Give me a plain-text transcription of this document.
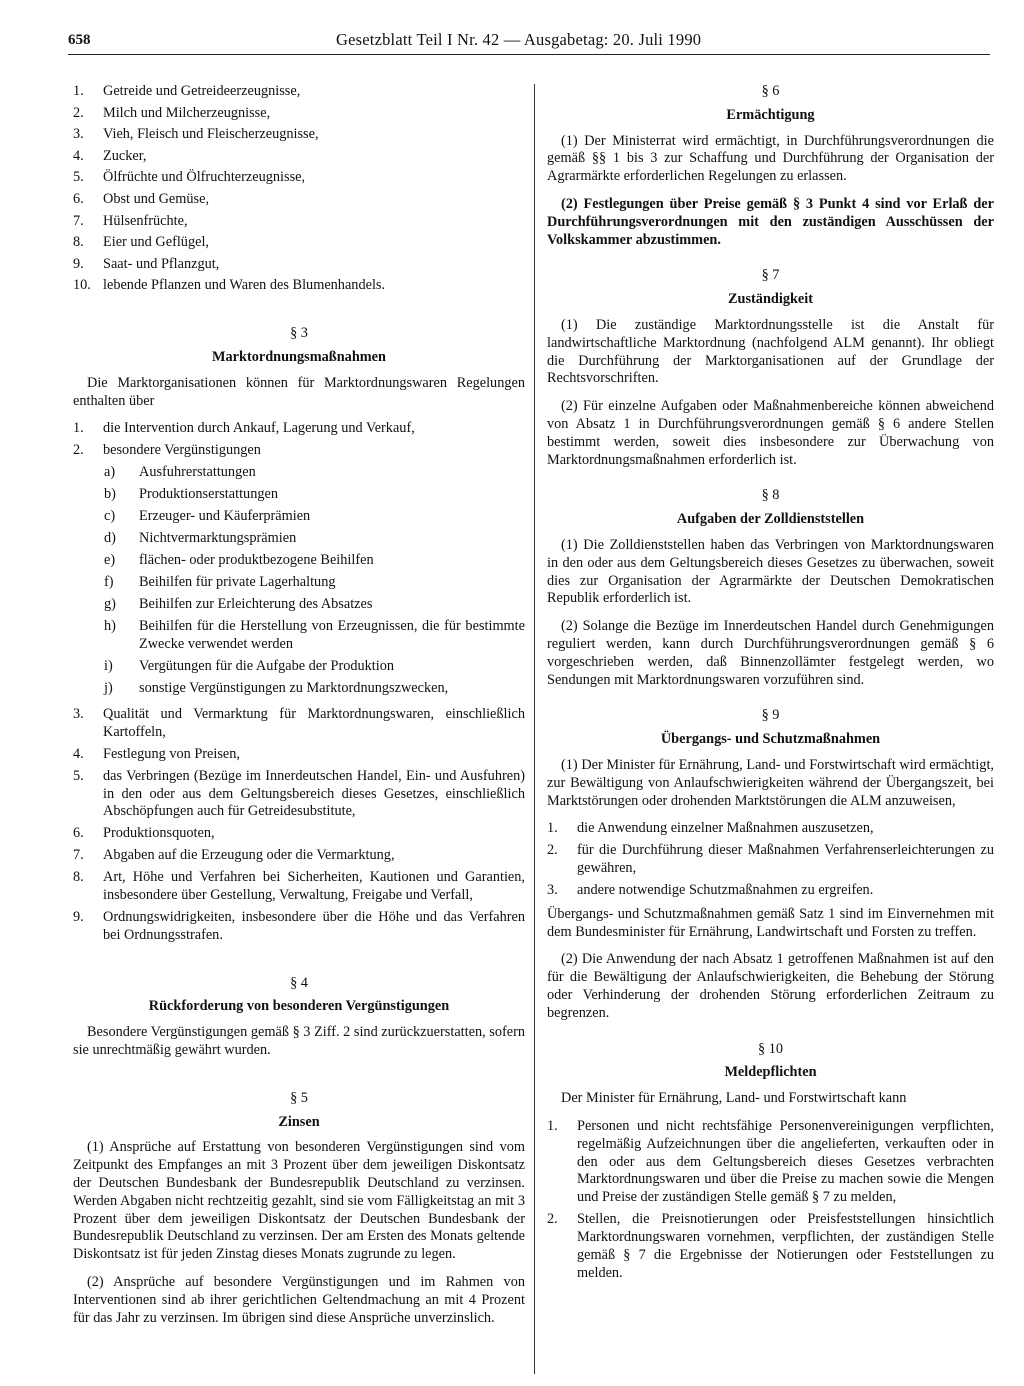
658	Gesetzblatt Teil I Nr. 42 — Ausgabetag: 20. Juli 1990
1.	Getreide und Getreideerzeugnisse,
2.	Milch und Milcherzeugnisse,
3.	Vieh, Fleisch und Fleischerzeugnisse,
4.	Zucker,
5.	Ölfrüchte und Ölfruchterzeugnisse,
6.	Obst und Gemüse,
7.	Hülsenfrüchte,
8.	Eier und Geflügel,
9.	Saat- und Pflanzgut,
10. lebende Pflanzen und Waren des Blumenhandels.
§ 3
Marktordnungsmaßnahmen

Die Marktorganisationen können für Marktordnungswaren Regelungen enthalten über

1.	die Intervention durch Ankauf, Lagerung und Verkauf,
2.	besondere Vergünstigungen
a)	Ausfuhrerstattungen
b)	Produktionserstattungen
c)	Erzeuger- und Käuferprämien
d)	Nichtvermarktungsprämien
e)	flächen- oder produktbezogene Beihilfen
f)	Beihilfen für private Lagerhaltung
g)	Beihilfen zur Erleichterung des Absatzes
h)	Beihilfen für die Herstellung von Erzeugnissen, die für bestimmte Zwecke verwendet werden
i)	Vergütungen für die Aufgabe der Produktion
j)	sonstige Vergünstigungen zu Marktordnungszwecken,
3.	Qualität und Vermarktung für Marktordnungswaren, einschließlich Kartoffeln,
4.	Festlegung von Preisen,
5.	das Verbringen (Bezüge im Innerdeutschen Handel, Ein- und Ausfuhren) in den oder aus dem Geltungsbereich dieses Gesetzes, einschließlich Abschöpfungen auch für Getreidesubstitute,
6.	Produktionsquoten,
7.	Abgaben auf die Erzeugung oder die Vermarktung,
8.	Art, Höhe und Verfahren bei Sicherheiten, Kautionen und Garantien, insbesondere über Gestellung, Verwaltung, Freigabe und Verfall,
9.	Ordnungswidrigkeiten, insbesondere über die Höhe und das Verfahren bei Ordnungsstrafen.
§ 4
Rückforderung von besonderen Vergünstigungen

Besondere Vergünstigungen gemäß § 3 Ziff. 2 sind zurückzuerstatten, sofern sie unrechtmäßig gewährt wurden.

§ 5
Zinsen

(1) Ansprüche auf Erstattung von besonderen Vergünstigungen sind vom Zeitpunkt des Empfanges an mit 3 Prozent über dem jeweiligen Diskontsatz der Deutschen Bundesbank der Bundesrepublik Deutschland zu verzinsen. Werden Abgaben nicht rechtzeitig gezahlt, sind sie vom Fälligkeitstag an mit 3 Prozent über dem jeweiligen Diskontsatz der Deutschen Bundesbank der Bundesrepublik Deutschland zu verzinsen. Der am Ersten des Monats geltende Diskontsatz ist für jeden Zinstag dieses Monats zugrunde zu legen.

(2) Ansprüche auf besondere Vergünstigungen und im Rahmen von Interventionen sind ab ihrer gerichtlichen Geltendmachung an mit 4 Prozent für das Jahr zu verzinsen. Im übrigen sind diese Ansprüche unverzinslich.

§ 6
Ermächtigung

(1) Der Ministerrat wird ermächtigt, in Durchführungsverordnungen die gemäß §§ 1 bis 3 zur Schaffung und Durchführung der Organisation der Agrarmärkte erforderlichen Regelungen zu erlassen.

(2) Festlegungen über Preise gemäß § 3 Punkt 4 sind vor Erlaß der Durchführungsverordnungen mit den zuständigen Ausschüssen der Volkskammer abzustimmen.

§ 7
Zuständigkeit

(1) Die zuständige Marktordnungsstelle ist die Anstalt für landwirtschaftliche Marktordnung (nachfolgend ALM genannt). Ihr obliegt die Durchführung der Marktorganisationen auf der Grundlage der Rechtsvorschriften.

(2) Für einzelne Aufgaben oder Maßnahmenbereiche können abweichend von Absatz 1 in Durchführungsverordnungen gemäß § 6 andere Stellen bestimmt werden, soweit dies insbesondere zur Überwachung von Marktordnungsmaßnahmen erforderlich ist.

§ 8
Aufgaben der Zolldienststellen

(1) Die Zolldienststellen haben das Verbringen von Marktordnungswaren in den oder aus dem Geltungsbereich dieses Gesetzes zu überwachen, soweit dies zur Organisation der Agrarmärkte der Deutschen Demokratischen Republik erforderlich ist.

(2) Solange die Bezüge im Innerdeutschen Handel durch Genehmigungen reguliert werden, kann durch Durchführungsverordnungen gemäß § 6 vorgeschrieben werden, daß Binnenzollämter festgelegt werden, wo Sendungen mit Marktordnungswaren vorzuführen sind.

§ 9
Übergangs- und Schutzmaßnahmen

(1) Der Minister für Ernährung, Land- und Forstwirtschaft wird ermächtigt, zur Bewältigung von Anlaufschwierigkeiten während der Übergangszeit, bei Marktstörungen oder drohenden Marktstörungen die ALM anzuweisen,

1.	die Anwendung einzelner Maßnahmen auszusetzen,
2.	für die Durchführung dieser Maßnahmen Verfahrenserleichterungen zu gewähren,
3.	andere notwendige Schutzmaßnahmen zu ergreifen.

Übergangs- und Schutzmaßnahmen gemäß Satz 1 sind im Einvernehmen mit dem Bundesminister für Ernährung, Landwirtschaft und Forsten zu treffen.

(2) Die Anwendung der nach Absatz 1 getroffenen Maßnahmen ist auf den für die Bewältigung der Anlaufschwierigkeiten, die Behebung der Störung oder Verhinderung der drohenden Störung erforderlichen Zeitraum zu begrenzen.

§ 10
Meldepflichten

Der Minister für Ernährung, Land- und Forstwirtschaft kann

1.	Personen und nicht rechtsfähige Personenvereinigungen verpflichten, regelmäßig Aufzeichnungen über die angelieferten, verkauften oder in den oder aus dem Geltungsbereich dieses Gesetzes verbrachten Marktordnungswaren und über die Preise zu machen sowie die Mengen und Preise der zuständigen Stelle gemäß § 7 zu melden,
2.	Stellen, die Preisnotierungen oder Preisfeststellungen hinsichtlich Marktordnungswaren vornehmen, verpflichten, der zuständigen Stelle gemäß § 7 die Ergebnisse der Notierungen oder Feststellungen zu melden.
